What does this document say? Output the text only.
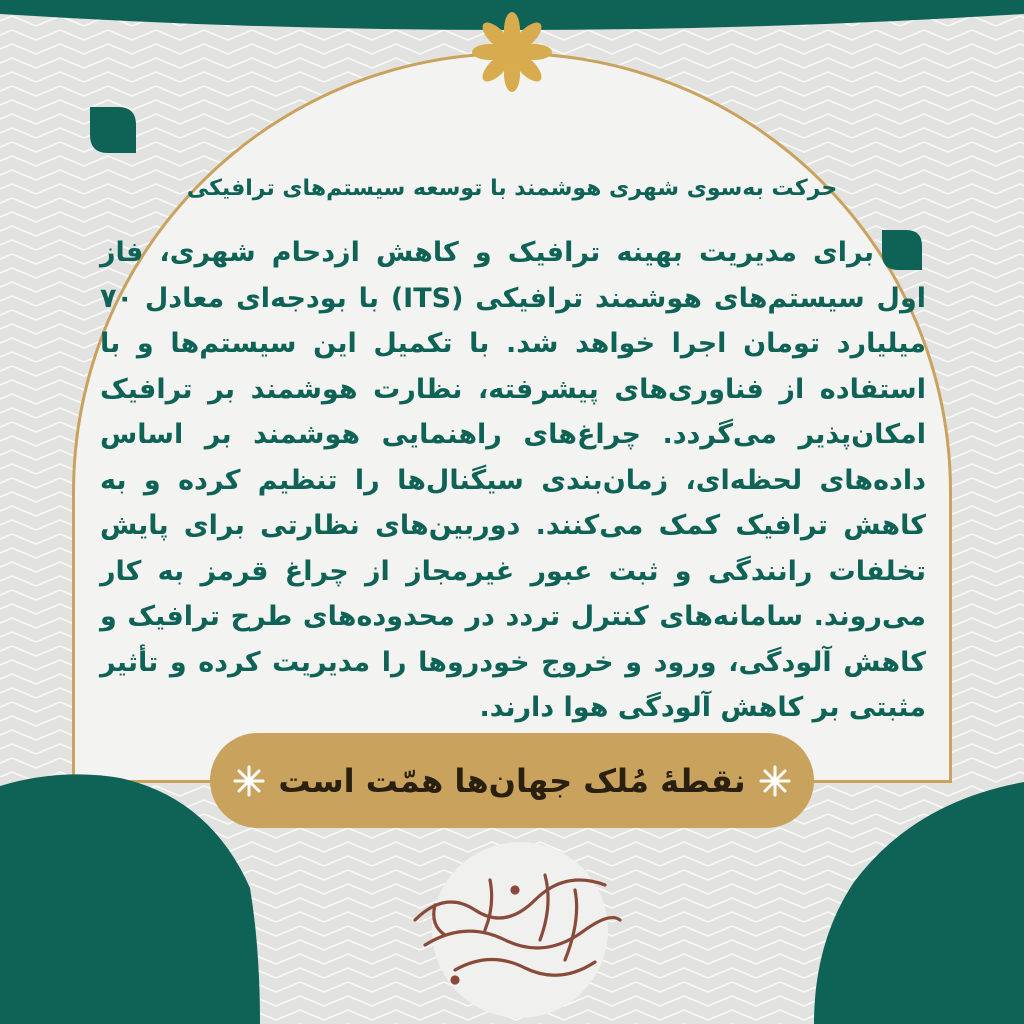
حرکت به‌سوی شهری هوشمند با توسعه سیستم‌های ترافیکی

برای مدیریت بهینه ترافیک و کاهش ازدحام شهری، فاز اول سیستم‌های هوشمند ترافیکی (ITS) با بودجه‌ای معادل ۷۰ میلیارد تومان اجرا خواهد شد. با تکمیل این سیستم‌ها و با استفاده از فناوری‌های پیشرفته، نظارت هوشمند بر ترافیک امکان‌پذیر می‌گردد. چراغ‌های راهنمایی هوشمند بر اساس داده‌های لحظه‌ای، زمان‌بندی سیگنال‌ها را تنظیم کرده و به کاهش ترافیک کمک می‌کنند. دوربین‌های نظارتی برای پایش تخلفات رانندگی و ثبت عبور غیرمجاز از چراغ قرمز به کار می‌روند. سامانه‌های کنترل تردد در محدوده‌های طرح ترافیک و کاهش آلودگی، ورود و خروج خودروها را مدیریت کرده و تأثیر مثبتی بر کاهش آلودگی هوا دارند.

نقطهٔ مُلک جهان‌ها همّت است
